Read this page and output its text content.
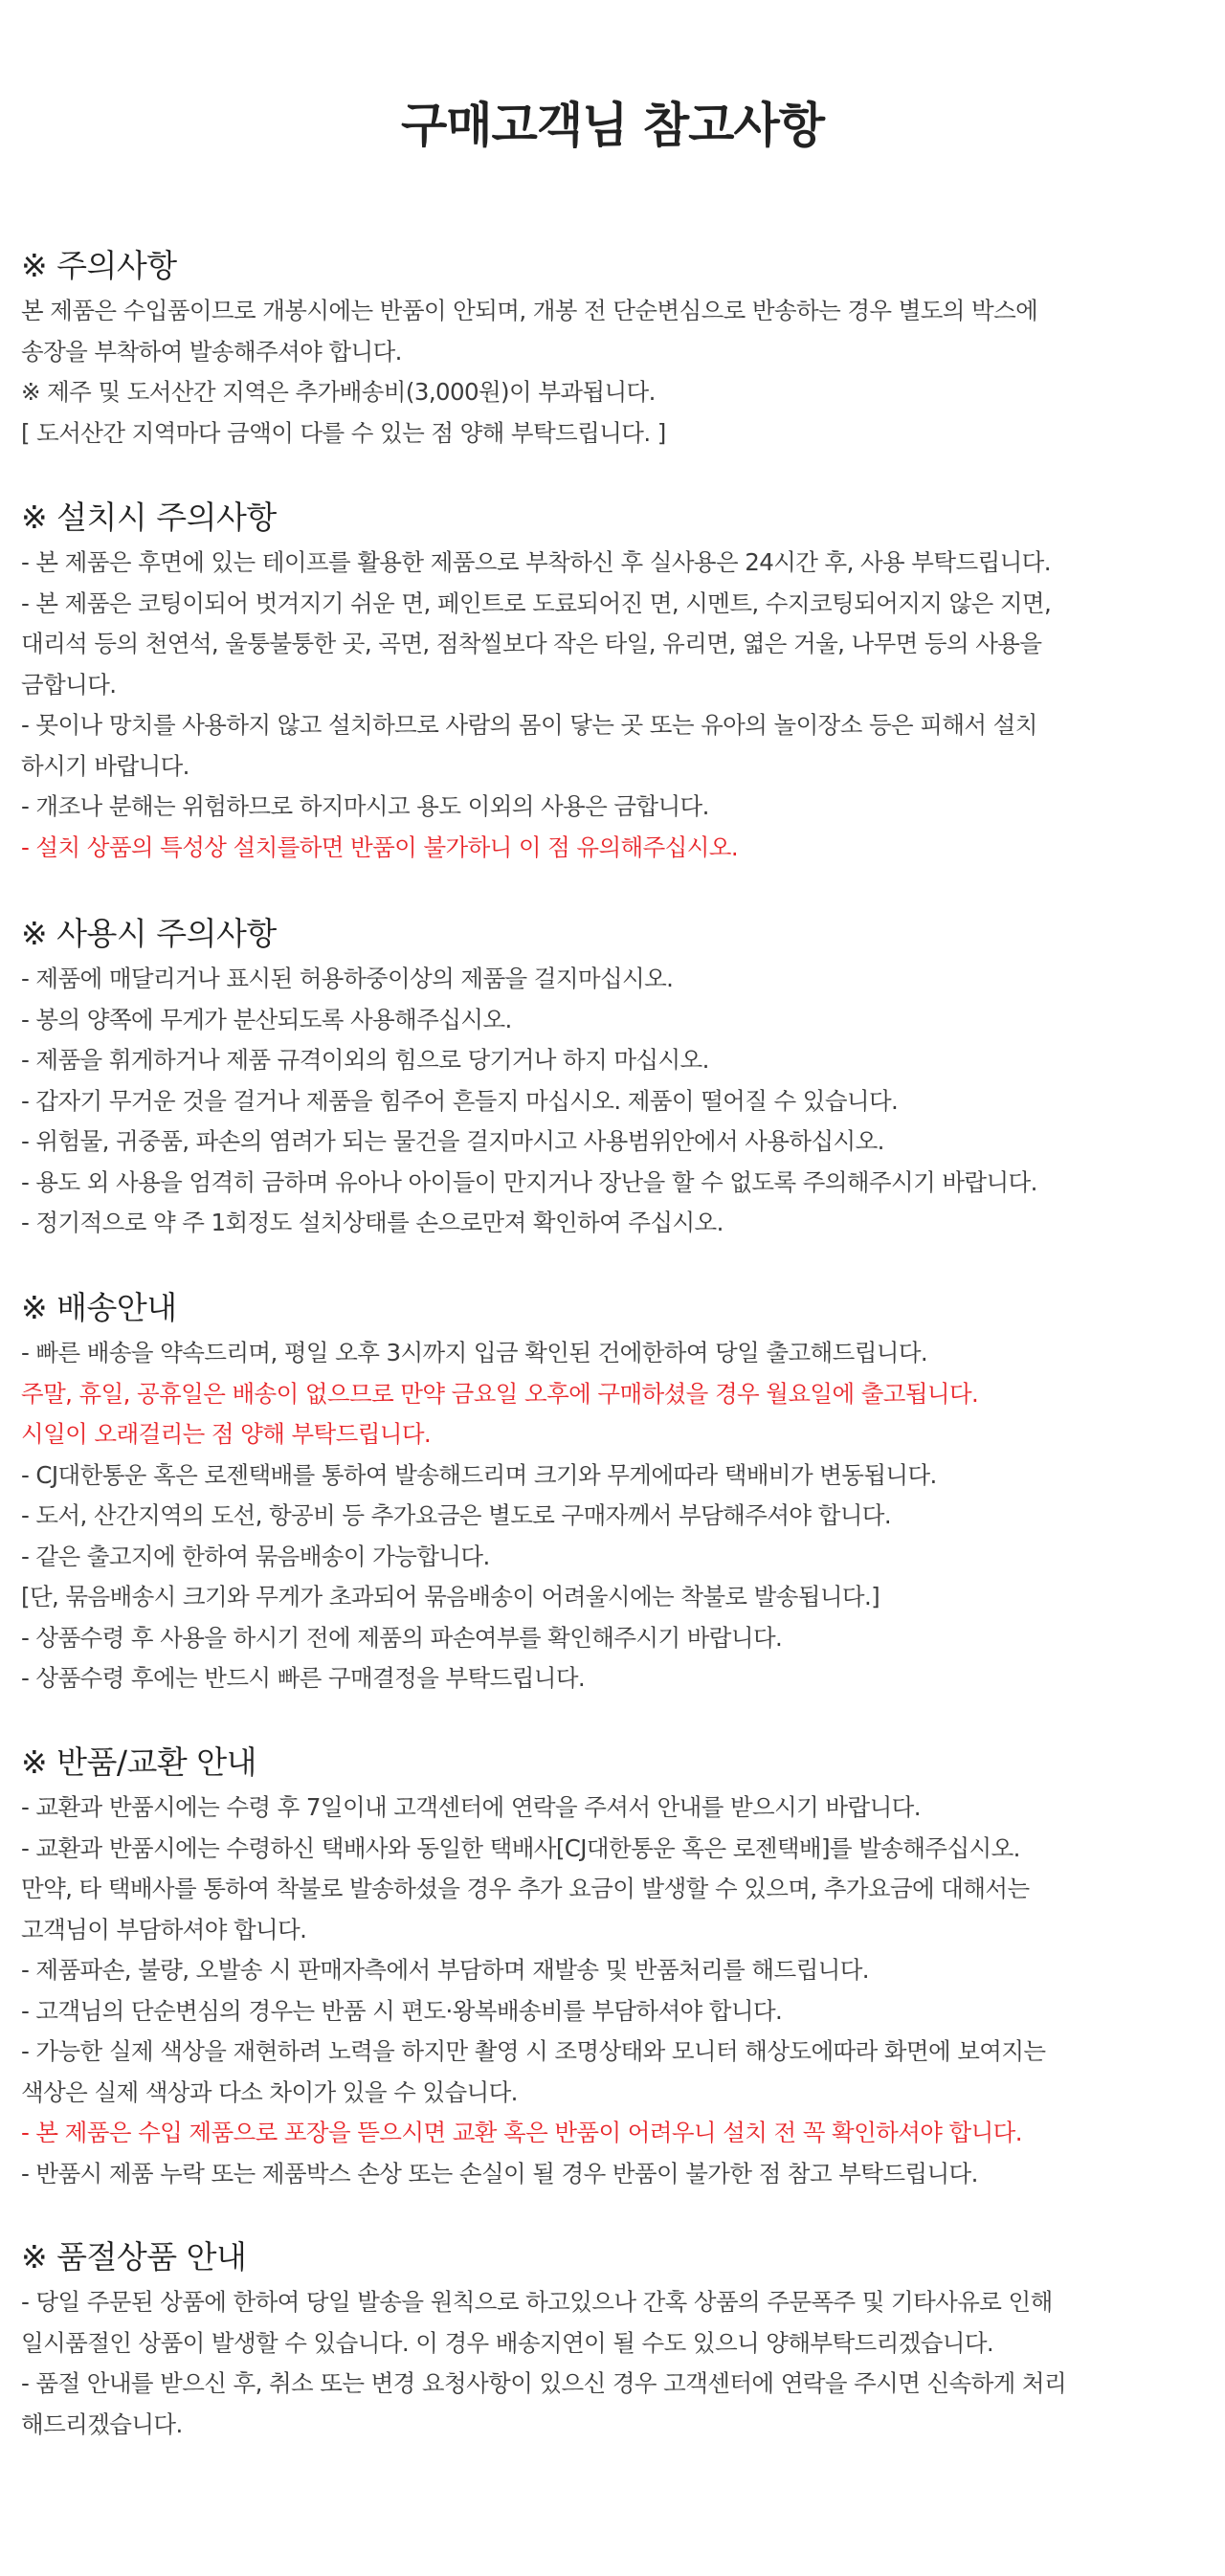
구매고객님 참고사항
※ 주의사항

본 제품은 수입품이므로 개봉시에는 반품이 안되며, 개봉 전 단순변심으로 반송하는 경우 별도의 박스에

송장을 부착하여 발송해주셔야 합니다.

※ 제주 및 도서산간 지역은 추가배송비(3,000원)이 부과됩니다.

[ 도서산간 지역마다 금액이 다를 수 있는 점 양해 부탁드립니다. ]

※ 설치시 주의사항

- 본 제품은 후면에 있는 테이프를 활용한 제품으로 부착하신 후 실사용은 24시간 후, 사용 부탁드립니다.

- 본 제품은 코팅이되어 벗겨지기 쉬운 면, 페인트로 도료되어진 면, 시멘트, 수지코팅되어지지 않은 지면,

대리석 등의 천연석, 울퉁불퉁한 곳, 곡면, 점착씰보다 작은 타일, 유리면, 엷은 거울, 나무면 등의 사용을

금합니다.

- 못이나 망치를 사용하지 않고 설치하므로 사람의 몸이 닿는 곳 또는 유아의 놀이장소 등은 피해서 설치

하시기 바랍니다.

- 개조나 분해는 위험하므로 하지마시고 용도 이외의 사용은 금합니다.

- 설치 상품의 특성상 설치를하면 반품이 불가하니 이 점 유의해주십시오.

※ 사용시 주의사항

- 제품에 매달리거나 표시된 허용하중이상의 제품을 걸지마십시오.

- 봉의 양쪽에 무게가 분산되도록 사용해주십시오.

- 제품을 휘게하거나 제품 규격이외의 힘으로 당기거나 하지 마십시오.

- 갑자기 무거운 것을 걸거나 제품을 힘주어 흔들지 마십시오. 제품이 떨어질 수 있습니다.

- 위험물, 귀중품, 파손의 염려가 되는 물건을 걸지마시고 사용범위안에서 사용하십시오.

- 용도 외 사용을 엄격히 금하며 유아나 아이들이 만지거나 장난을 할 수 없도록 주의해주시기 바랍니다.

- 정기적으로 약 주 1회정도 설치상태를 손으로만져 확인하여 주십시오.

※ 배송안내

- 빠른 배송을 약속드리며, 평일 오후 3시까지 입금 확인된 건에한하여 당일 출고해드립니다.

주말, 휴일, 공휴일은 배송이 없으므로 만약 금요일 오후에 구매하셨을 경우 월요일에 출고됩니다.

시일이 오래걸리는 점 양해 부탁드립니다.

- CJ대한통운 혹은 로젠택배를 통하여 발송해드리며 크기와 무게에따라 택배비가 변동됩니다.

- 도서, 산간지역의 도선, 항공비 등 추가요금은 별도로 구매자께서 부담해주셔야 합니다.

- 같은 출고지에 한하여 묶음배송이 가능합니다.

[단, 묶음배송시 크기와 무게가 초과되어 묶음배송이 어려울시에는 착불로 발송됩니다.]

- 상품수령 후 사용을 하시기 전에 제품의 파손여부를 확인해주시기 바랍니다.

- 상품수령 후에는 반드시 빠른 구매결정을 부탁드립니다.

※ 반품/교환 안내

- 교환과 반품시에는 수령 후 7일이내 고객센터에 연락을 주셔서 안내를 받으시기 바랍니다.

- 교환과 반품시에는 수령하신 택배사와 동일한 택배사[CJ대한통운 혹은 로젠택배]를 발송해주십시오.

만약, 타 택배사를 통하여 착불로 발송하셨을 경우 추가 요금이 발생할 수 있으며, 추가요금에 대해서는

고객님이 부담하셔야 합니다.

- 제품파손, 불량, 오발송 시 판매자측에서 부담하며 재발송 및 반품처리를 해드립니다.

- 고객님의 단순변심의 경우는 반품 시 편도·왕복배송비를 부담하셔야 합니다.

- 가능한 실제 색상을 재현하려 노력을 하지만 촬영 시 조명상태와 모니터 해상도에따라 화면에 보여지는

색상은 실제 색상과 다소 차이가 있을 수 있습니다.

- 본 제품은 수입 제품으로 포장을 뜯으시면 교환 혹은 반품이 어려우니 설치 전 꼭 확인하셔야 합니다.

- 반품시 제품 누락 또는 제품박스 손상 또는 손실이 될 경우 반품이 불가한 점 참고 부탁드립니다.

※ 품절상품 안내

- 당일 주문된 상품에 한하여 당일 발송을 원칙으로 하고있으나 간혹 상품의 주문폭주 및 기타사유로 인해

일시품절인 상품이 발생할 수 있습니다. 이 경우 배송지연이 될 수도 있으니 양해부탁드리겠습니다.

- 품절 안내를 받으신 후, 취소 또는 변경 요청사항이 있으신 경우 고객센터에 연락을 주시면 신속하게 처리

해드리겠습니다.
